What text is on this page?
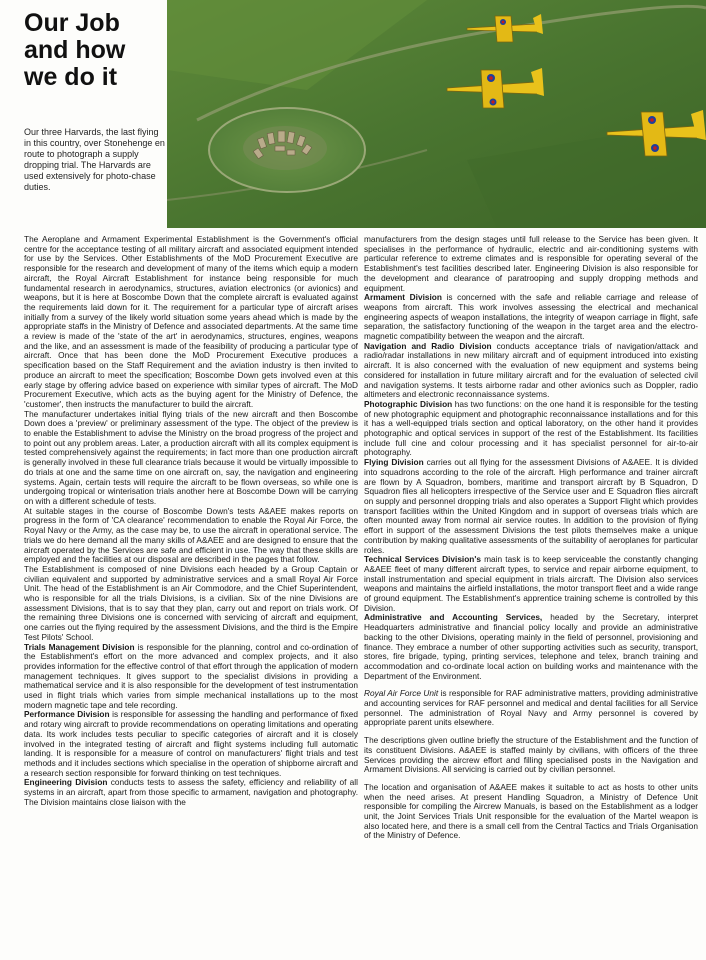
Our Job
and how
we do it

Our three Harvards, the last flying in this country, over Stonehenge en route to photograph a supply dropping trial. The Harvards are used extensively for photo-chase duties.

The Aeroplane and Armament Experimental Establishment is the Government's official centre for the acceptance testing of all military aircraft and associated equipment intended for use by the Services. Other Establishments of the MoD Procurement Executive are responsible for the research and development of many of the items which equip a modern aircraft, the Royal Aircraft Establishment for instance being responsible for much fundamental research in aerodynamics, structures, aviation electronics (or avionics) and weapons, but it is here at Boscombe Down that the complete aircraft is evaluated against the requirements laid down for it. The requirement for a particular type of aircraft arises initially from a survey of the likely world situation some years ahead which is made by the appropriate staffs in the Ministry of Defence and associated departments. At the same time a review is made of the 'state of the art' in aerodynamics, structures, engines, weapons and the like, and an assessment is made of the feasibility of producing a particular type of aircraft. Once that has been done the MoD Procurement Executive produces a specification based on the Staff Requirement and the aviation industry is then invited to produce an aircraft to meet the specification; Boscombe Down gets involved even at this early stage by offering advice based on experience with similar types of aircraft. The MoD Procurement Executive, which acts as the buying agent for the Ministry of Defence, the 'customer', then instructs the manufacturer to build the aircraft.

The manufacturer undertakes initial flying trials of the new aircraft and then Boscombe Down does a 'preview' or preliminary assessment of the type. The object of the preview is to enable the Establishment to advise the Ministry on the broad progress of the project and to point out any problem areas. Later, a production aircraft with all its complex equipment is tested comprehensively against the requirements; in fact more than one production aircraft is generally involved in these full clearance trials because it would be virtually impossible to do trials at one and the same time on one aircraft on, say, the navigation and engineering systems. Again, certain tests will require the aircraft to be flown overseas, so while one is undergoing tropical or winterisation trials another here at Boscombe Down will be carrying on with a different schedule of tests.

At suitable stages in the course of Boscombe Down's tests A&AEE makes reports on progress in the form of 'CA clearance' recommendation to enable the Royal Air Force, the Royal Navy or the Army, as the case may be, to use the aircraft in operational service. The trials we do here demand all the many skills of A&AEE and are designed to ensure that the aircraft operated by the Services are safe and efficient in use. The way that these skills are employed and the facilities at our disposal are described in the pages that follow.

The Establishment is composed of nine Divisions each headed by a Group Captain or civilian equivalent and supported by administrative services and a small Royal Air Force Unit. The head of the Establishment is an Air Commodore, and the Chief Superintendent, who is responsible for all the trials Divisions, is a civilian. Six of the nine Divisions are assessment Divisions, that is to say that they plan, carry out and report on trials work. Of the remaining three Divisions one is concerned with servicing of aircraft and equipment, one carries out the flying required by the assessment Divisions, and the third is the Empire Test Pilots' School.

Trials Management Division is responsible for the planning, control and co-ordination of the Establishment's effort on the more advanced and complex projects, and it also provides information for the effective control of that effort through the application of modern management techniques. It gives support to the specialist divisions in providing a mathematical service and it is also responsible for the development of test instrumentation used in flight trials which varies from simple mechanical installations up to the most modern magnetic tape and tele recording.

Performance Division is responsible for assessing the handling and performance of fixed and rotary wing aircraft to provide recommendations on operating limitations and operating data. Its work includes tests peculiar to specific categories of aircraft and it is closely involved in the integrated testing of aircraft and flight systems including full automatic landing. It is responsible for a measure of control on manufacturers' flight trials and test methods and it includes sections which specialise in the operation of shipborne aircraft and a research section responsible for forward thinking on test techniques.

Engineering Division conducts tests to assess the safety, efficiency and reliability of all systems in an aircraft, apart from those specific to armament, navigation and photography. The Division maintains close liaison with the

manufacturers from the design stages until full release to the Service has been given. It specialises in the performance of hydraulic, electric and air-conditioning systems with particular reference to extreme climates and is responsible for operating several of the Establishment's test facilities described later. Engineering Division is also responsible for the development and clearance of paratrooping and supply dropping methods and equipment.

Armament Division is concerned with the safe and reliable carriage and release of weapons from aircraft. This work involves assessing the electrical and mechanical engineering aspects of weapon installations, the integrity of weapon carriage in flight, safe separation, the satisfactory functioning of the weapon in the target area and the electro-magnetic compatibility between the weapon and the aircraft.

Navigation and Radio Division conducts acceptance trials of navigation/attack and radio/radar installations in new military aircraft and of equipment introduced into existing aircraft. It is also concerned with the evaluation of new equipment and systems being considered for installation in future military aircraft and for the evaluation of selected civil and navigation systems. It tests airborne radar and other avionics such as Doppler, radio altimeters and electronic reconnaissance systems.

Photographic Division has two functions: on the one hand it is responsible for the testing of new photographic equipment and photographic reconnaissance installations and for this it has a well-equipped trials section and optical laboratory, on the other hand it provides photographic and optical services in support of the rest of the Establishment. Its facilities include full cine and colour processing and it has specialist personnel for air-to-air photography.

Flying Division carries out all flying for the assessment Divisions of A&AEE. It is divided into squadrons according to the role of the aircraft. High performance and trainer aircraft are flown by A Squadron, bombers, maritime and transport aircraft by B Squadron, D Squadron flies all helicopters irrespective of the Service user and E Squadron flies aircraft on supply and personnel dropping trials and also operates a Support Flight which provides transport facilities within the United Kingdom and in support of overseas trials which are often mounted away from normal air service routes. In addition to the provision of flying effort in support of the assessment Divisions the test pilots themselves make a unique contribution by making qualitative assessments of the suitability of aeroplanes for particular roles.

Technical Services Division's main task is to keep serviceable the constantly changing A&AEE fleet of many different aircraft types, to service and repair airborne equipment, to install instrumentation and special equipment in trials aircraft. The Division also services weapons and maintains the airfield installations, the motor transport fleet and a wide range of ground equipment. The Establishment's apprentice training scheme is controlled by this Division.

Administrative and Accounting Services, headed by the Secretary, interpret Headquarters administrative and financial policy locally and provide an administrative backing to the other Divisions, operating mainly in the field of personnel, provisioning and finance. They embrace a number of other supporting activities such as security, transport, stores, fire brigade, typing, printing services, telephone and telex, branch training and accommodation and co-ordinate local action on building works and maintenance with the Department of the Environment.

Royal Air Force Unit is responsible for RAF administrative matters, providing administrative and accounting services for RAF personnel and medical and dental facilities for all Service personnel. The administration of Royal Navy and Army personnel is covered by appropriate parent units elsewhere.

The descriptions given outline briefly the structure of the Establishment and the function of its constituent Divisions. A&AEE is staffed mainly by civilians, with officers of the three Services providing the aircrew effort and filling specialised posts in the Navigation and Armament Divisions. All servicing is carried out by civilian personnel.

The location and organisation of A&AEE makes it suitable to act as hosts to other units when the need arises. At present Handling Squadron, a Ministry of Defence Unit responsible for compiling the Aircrew Manuals, is based on the Establishment as a lodger unit, the Joint Services Trials Unit responsible for the evaluation of the Martel weapon is also located here, and there is a small cell from the Central Tactics and Trials Organisation of the Ministry of Defence.
